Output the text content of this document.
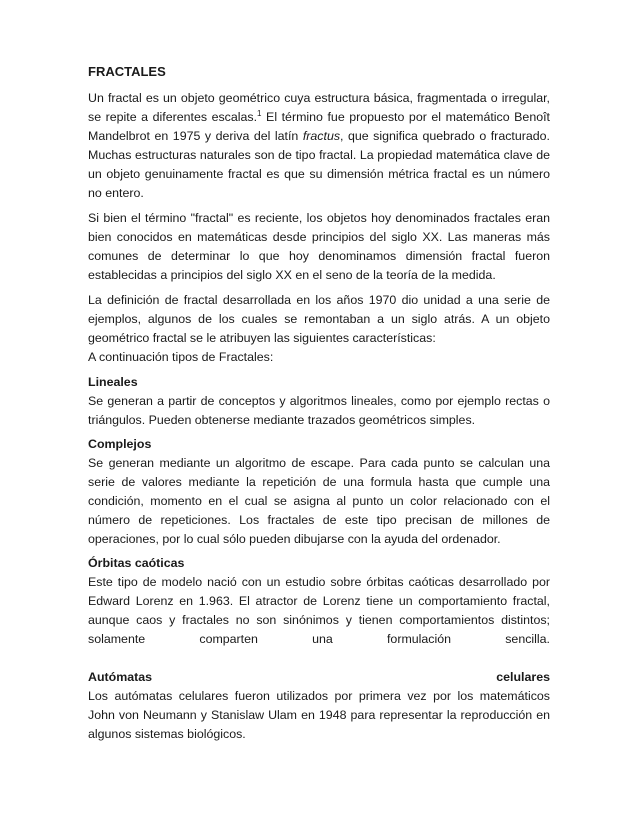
FRACTALES

Un fractal es un objeto geométrico cuya estructura básica, fragmentada o irregular, se repite a diferentes escalas.$^1$ El término fue propuesto por el matemático Benoît Mandelbrot en 1975 y deriva del latín fractus, que significa quebrado o fracturado. Muchas estructuras naturales son de tipo fractal. La propiedad matemática clave de un objeto genuinamente fractal es que su dimensión métrica fractal es un número no entero.

Si bien el término "fractal" es reciente, los objetos hoy denominados fractales eran bien conocidos en matemáticas desde principios del siglo XX. Las maneras más comunes de determinar lo que hoy denominamos dimensión fractal fueron establecidas a principios del siglo XX en el seno de la teoría de la medida.

La definición de fractal desarrollada en los años 1970 dio unidad a una serie de ejemplos, algunos de los cuales se remontaban a un siglo atrás. A un objeto geométrico fractal se le atribuyen las siguientes características:

A continuación tipos de Fractales:

Lineales
Se generan a partir de conceptos y algoritmos lineales, como por ejemplo rectas o triángulos. Pueden obtenerse mediante trazados geométricos simples.
Complejos
Se generan mediante un algoritmo de escape. Para cada punto se calculan una serie de valores mediante la repetición de una formula hasta que cumple una condición, momento en el cual se asigna al punto un color relacionado con el número de repeticiones. Los fractales de este tipo precisan de millones de operaciones, por lo cual sólo pueden dibujarse con la ayuda del ordenador.
Órbitas caóticas
Este tipo de modelo nació con un estudio sobre órbitas caóticas desarrollado por Edward Lorenz en 1.963. El atractor de Lorenz tiene un comportamiento fractal, aunque caos y fractales no son sinónimos y tienen comportamientos distintos; solamente comparten una formulación sencilla.
Autómatas celulares
Los autómatas celulares fueron utilizados por primera vez por los matemáticos John von Neumann y Stanislaw Ulam en 1948 para representar la reproducción en algunos sistemas biológicos.
